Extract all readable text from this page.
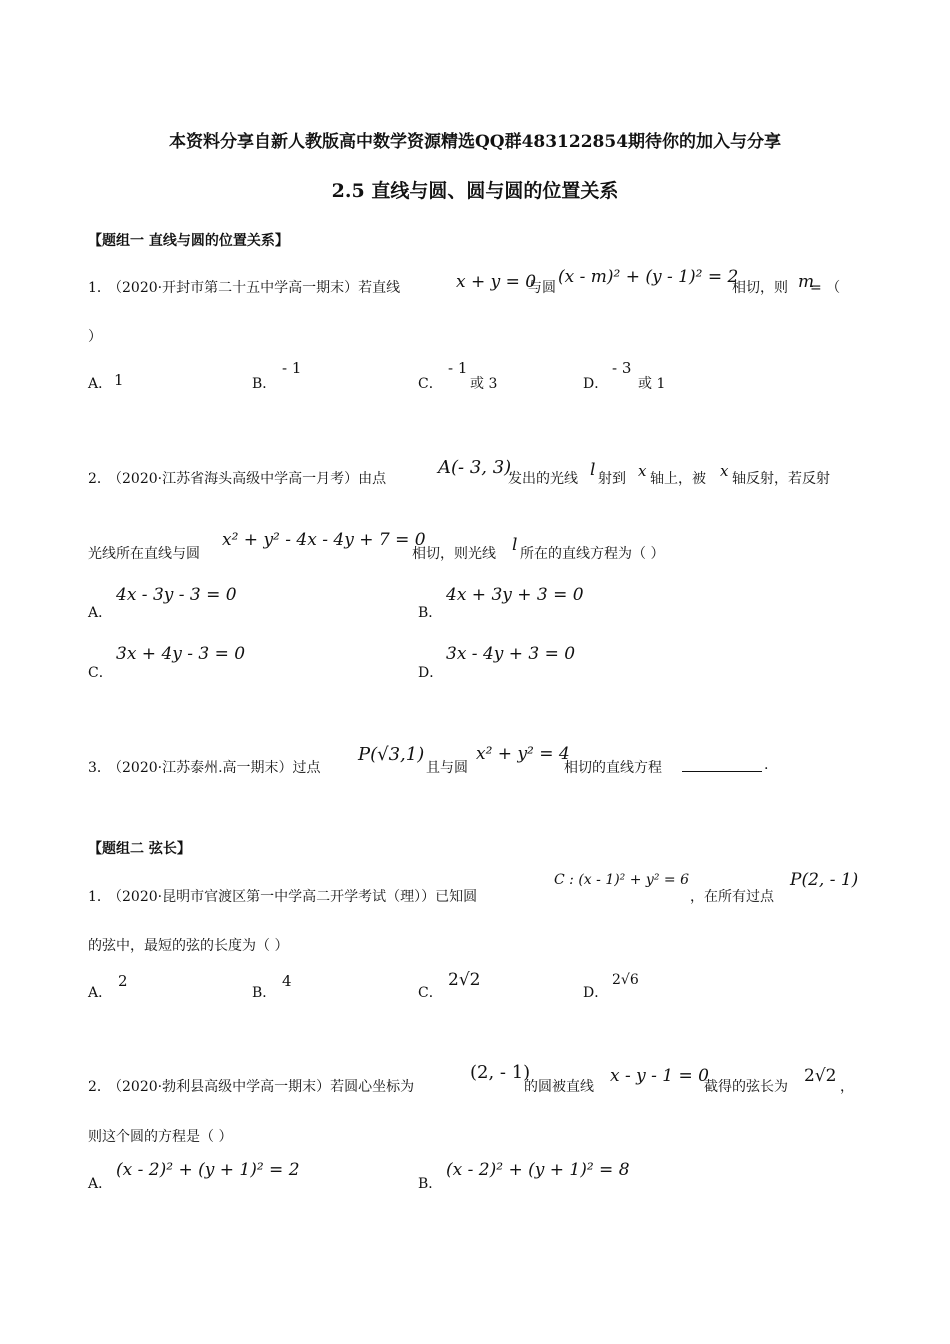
本资料分享自新人教版高中数学资源精选QQ群483122854期待你的加入与分享
2.5 直线与圆、圆与圆的位置关系
【题组一 直线与圆的位置关系】
1．
（2020·开封市第二十五中学高一期末）若直线	x + y = 0
与圆
(x - m)² + (y - 1)² = 2
相切，则 m
= （
）
A． 1	B．
- 1
C．
- 1
或 3	D．
- 3
或 1
2．
（2020·江苏省海头高级中学高一月考）由点
A(- 3, 3)
发出的光线 l 射到 x 轴上，被 x 轴反射，若反射
光线所在直线与圆
x² + y² - 4x - 4y + 7 = 0
相切，则光线 l 所在的直线方程为（ ）
A．
4x - 3y - 3 = 0
B．
4x + 3y + 3 = 0
C．
3x + 4y - 3 = 0
D．
3x - 4y + 3 = 0
3．
（2020·江苏泰州.高一期末）过点
P(√3,1)
且与圆
x² + y² = 4
相切的直线方程	.
【题组二 弦长】
1．
（2020·昆明市官渡区第一中学高二开学考试（理））已知圆
C : (x - 1)² + y² = 6
，在所有过点
P(2, - 1)
的弦中，最短的弦的长度为（ ）
A．
2
B．
4
C．
2√2
D．
2√6
2．
（2020·勃利县高级中学高一期末）若圆心坐标为
(2, - 1)
的圆被直线
x - y - 1 = 0
截得的弦长为
2√2
，
则这个圆的方程是（ ）
A．
(x - 2)² + (y + 1)² = 2
B．
(x - 2)² + (y + 1)² = 8
